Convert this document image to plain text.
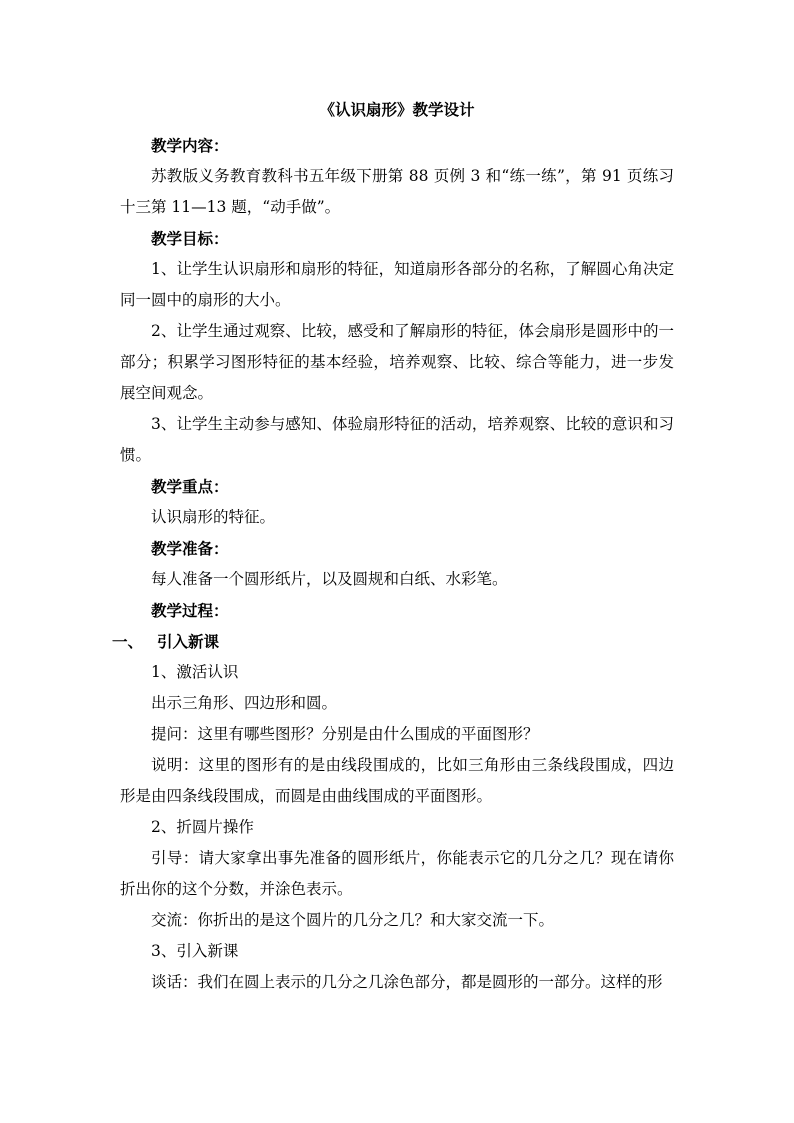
《认识扇形》教学设计

教学内容：

苏教版义务教育教科书五年级下册第 88 页例 3 和“练一练”，第 91 页练习十三第 11—13 题，“动手做”。

教学目标：

1、让学生认识扇形和扇形的特征，知道扇形各部分的名称，了解圆心角决定同一圆中的扇形的大小。

2、让学生通过观察、比较，感受和了解扇形的特征，体会扇形是圆形中的一部分；积累学习图形特征的基本经验，培养观察、比较、综合等能力，进一步发展空间观念。

3、让学生主动参与感知、体验扇形特征的活动，培养观察、比较的意识和习惯。

教学重点：

认识扇形的特征。

教学准备：

每人准备一个圆形纸片，以及圆规和白纸、水彩笔。

教学过程：

一、 引入新课

1、激活认识

出示三角形、四边形和圆。

提问：这里有哪些图形？分别是由什么围成的平面图形？

说明：这里的图形有的是由线段围成的，比如三角形由三条线段围成，四边形是由四条线段围成，而圆是由曲线围成的平面图形。

2、折圆片操作

引导：请大家拿出事先准备的圆形纸片，你能表示它的几分之几？现在请你折出你的这个分数，并涂色表示。

交流：你折出的是这个圆片的几分之几？和大家交流一下。

3、引入新课

谈话：我们在圆上表示的几分之几涂色部分，都是圆形的一部分。这样的形
